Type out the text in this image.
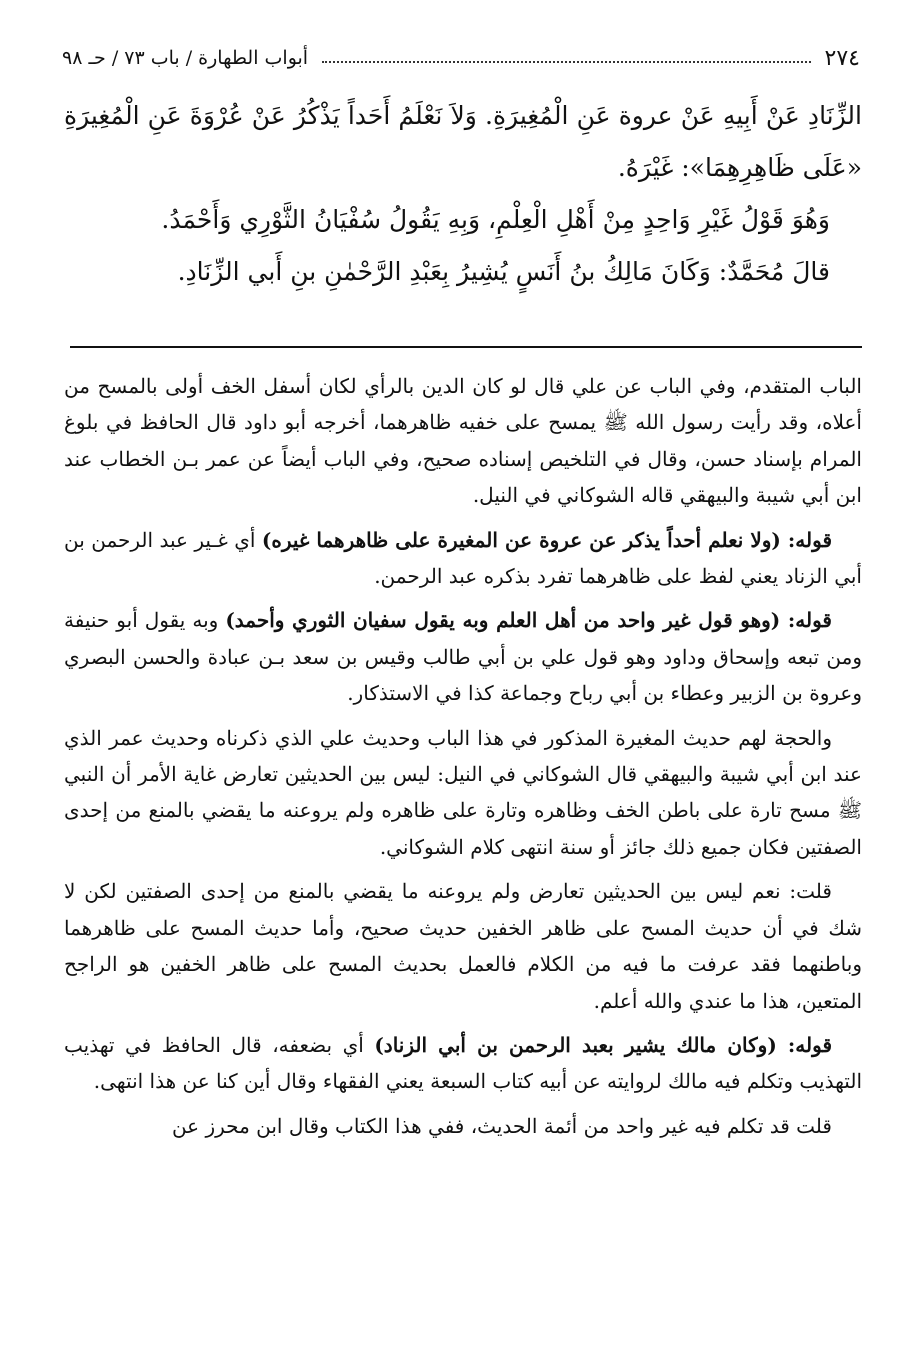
٢٧٤
أبواب الطهارة / باب ٧٣ / حـ ٩٨

الزِّنَادِ عَنْ أَبِيهِ عَنْ عروة عَنِ الْمُغِيرَةِ. وَلاَ نَعْلَمُ أَحَداً يَذْكُرُ عَنْ عُرْوَةَ عَنِ الْمُغِيرَةِ «عَلَى ظَاهِرِهِمَا»: غَيْرَهُ.

وَهُوَ قَوْلُ غَيْرِ وَاحِدٍ مِنْ أَهْلِ الْعِلْمِ، وَبِهِ يَقُولُ سُفْيَانُ الثَّوْرِي وَأَحْمَدُ.

قالَ مُحَمَّدٌ: وَكَانَ مَالِكُ بنُ أَنَسٍ يُشِيرُ بِعَبْدِ الرَّحْمٰنِ بنِ أَبي الزِّنَادِ.

الباب المتقدم، وفي الباب عن علي قال لو كان الدين بالرأي لكان أسفل الخف أولى بالمسح من أعلاه، وقد رأيت رسول الله ﷺ يمسح على خفيه ظاهرهما، أخرجه أبو داود قال الحافظ في بلوغ المرام بإسناد حسن، وقال في التلخيص إسناده صحيح، وفي الباب أيضاً عن عمر بـن الخطاب عند ابن أبي شيبة والبيهقي قاله الشوكاني في النيل.

قوله: (ولا نعلم أحداً يذكر عن عروة عن المغيرة على ظاهرهما غيره) أي غـير عبد الرحمن بن أبي الزناد يعني لفظ على ظاهرهما تفرد بذكره عبد الرحمن.

قوله: (وهو قول غير واحد من أهل العلم وبه يقول سفيان الثوري وأحمد) وبه يقول أبو حنيفة ومن تبعه وإسحاق وداود وهو قول علي بن أبي طالب وقيس بن سعد بـن عبادة والحسن البصري وعروة بن الزبير وعطاء بن أبي رباح وجماعة كذا في الاستذكار.

والحجة لهم حديث المغيرة المذكور في هذا الباب وحديث علي الذي ذكرناه وحديث عمر الذي عند ابن أبي شيبة والبيهقي قال الشوكاني في النيل: ليس بين الحديثين تعارض غاية الأمر أن النبي ﷺ مسح تارة على باطن الخف وظاهره وتارة على ظاهره ولم يروعنه ما يقضي بالمنع من إحدى الصفتين فكان جميع ذلك جائز أو سنة انتهى كلام الشوكاني.

قلت: نعم ليس بين الحديثين تعارض ولم يروعنه ما يقضي بالمنع من إحدى الصفتين لكن لا شك في أن حديث المسح على ظاهر الخفين حديث صحيح، وأما حديث المسح على ظاهرهما وباطنهما فقد عرفت ما فيه من الكلام فالعمل بحديث المسح على ظاهر الخفين هو الراجح المتعين، هذا ما عندي والله أعلم.

قوله: (وكان مالك يشير بعبد الرحمن بن أبي الزناد) أي بضعفه، قال الحافظ في تهذيب التهذيب وتكلم فيه مالك لروايته عن أبيه كتاب السبعة يعني الفقهاء وقال أين كنا عن هذا انتهى.

قلت قد تكلم فيه غير واحد من أئمة الحديث، ففي هذا الكتاب وقال ابن محرز عن
